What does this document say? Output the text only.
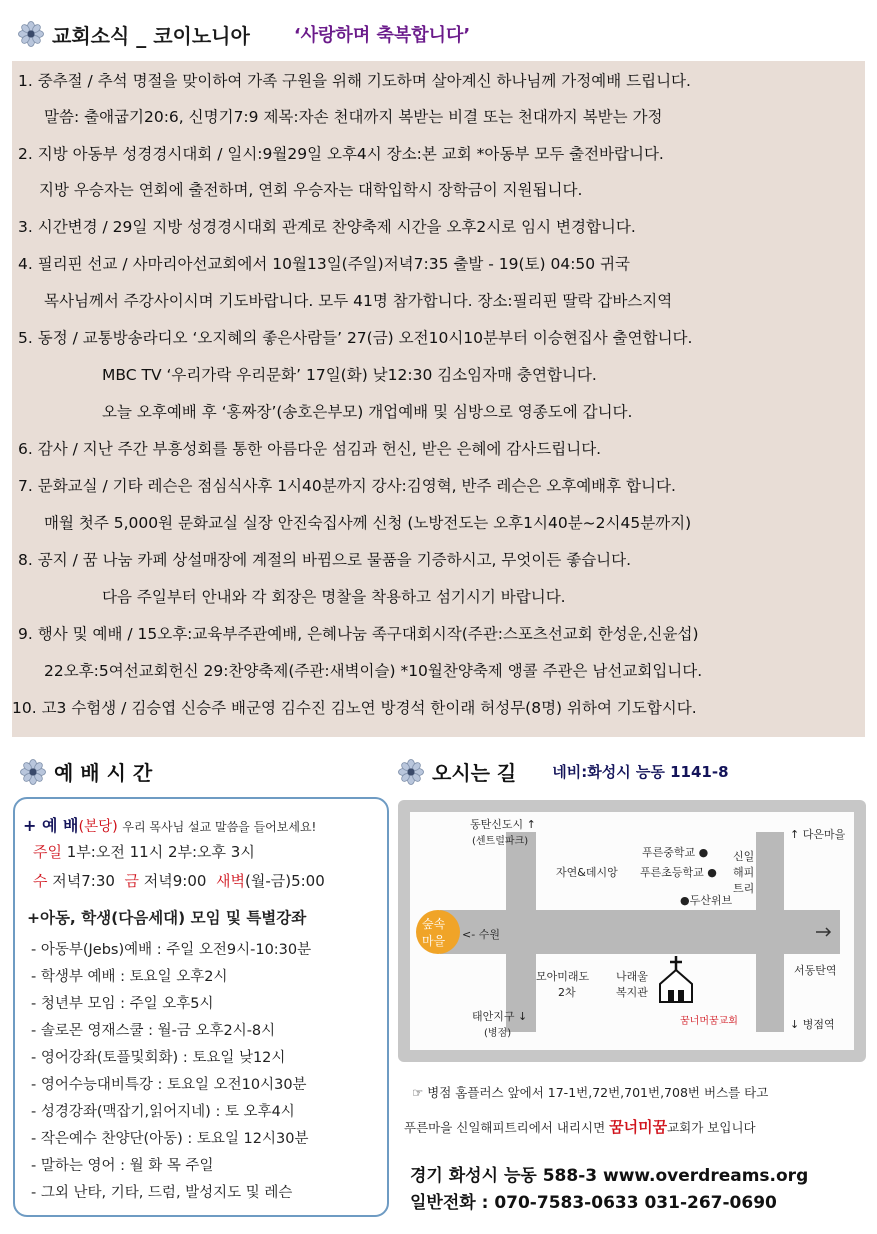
교회소식 _ 코이노니아 ‘사랑하며 축복합니다’
1. 중추절 / 추석 명절을 맞이하여 가족 구원을 위해 기도하며 살아계신 하나님께 가정예배 드립니다.
말씀: 출애굽기20:6, 신명기7:9 제목:자손 천대까지 복받는 비결 또는 천대까지 복받는 가정
2. 지방 아동부 성경경시대회 / 일시:9월29일 오후4시 장소:본 교회 *아동부 모두 출전바랍니다.
지방 우승자는 연회에 출전하며, 연회 우승자는 대학입학시 장학금이 지원됩니다.
3. 시간변경 / 29일 지방 성경경시대회 관계로 찬양축제 시간을 오후2시로 임시 변경합니다.
4. 필리핀 선교 / 사마리아선교회에서 10월13일(주일)저녁7:35 출발 - 19(토) 04:50 귀국
목사님께서 주강사이시며 기도바랍니다. 모두 41명 참가합니다. 장소:필리핀 딸락 갑바스지역
5. 동정 / 교통방송라디오 ‘오지혜의 좋은사람들’ 27(금) 오전10시10분부터 이승현집사 출연합니다.
MBC TV ‘우리가락 우리문화’ 17일(화) 낮12:30 김소임자매 충연합니다.
오늘 오후예배 후 ‘홍짜장’(송호은부모) 개업예배 및 심방으로 영종도에 갑니다.
6. 감사 / 지난 주간 부흥성회를 통한 아름다운 섬김과 헌신, 받은 은혜에 감사드립니다.
7. 문화교실 / 기타 레슨은 점심식사후 1시40분까지 강사:김영혁, 반주 레슨은 오후예배후 합니다.
매월 첫주 5,000원 문화교실 실장 안진숙집사께 신청 (노방전도는 오후1시40분~2시45분까지)
8. 공지 / 꿈 나눔 카페 상설매장에 계절의 바뀜으로 물품을 기증하시고, 무엇이든 좋습니다.
다음 주일부터 안내와 각 회장은 명찰을 착용하고 섬기시기 바랍니다.
9. 행사 및 예배 / 15오후:교육부주관예배, 은혜나눔 족구대회시작(주관:스포츠선교회 한성운,신윤섭)
22오후:5여선교회헌신 29:찬양축제(주관:새벽이슬) *10월찬양축제 앵콜 주관은 남선교회입니다.
10. 고3 수험생 / 김승엽 신승주 배군영 김수진 김노연 방경석 한이래 허성무(8명) 위하여 기도합시다.
예 배 시 간
+ 예 배(본당) 우리 목사님 설교 말씀을 들어보세요!
주일 1부:오전 11시 2부:오후 3시
수 저녁7:30 금 저녁9:00 새벽(월-금)5:00
+아동, 학생(다음세대) 모임 및 특별강좌
- 아동부(Jebs)예배 : 주일 오전9시-10:30분
- 학생부 예배 : 토요일 오후2시
- 청년부 모임 : 주일 오후5시
- 솔로몬 영재스쿨 : 월-금 오후2시-8시
- 영어강좌(토플및회화) : 토요일 낮12시
- 영어수능대비특강 : 토요일 오전10시30분
- 성경강좌(맥잡기,읽어지네) : 토 오후4시
- 작은예수 찬양단(아동) : 토요일 12시30분
- 말하는 영어 : 월 화 목 주일
- 그외 난타, 기타, 드럼, 발성지도 및 레슨
오시는 길 네비:화성시 능동 1141-8
숲속
마을
동탄신도시 ↑
(센트럴파크)
자연&데시앙
푸른중학교 ●
푸른초등학교 ●
●두산위브
신일
해피
트리
↑ 다은마을
<- 수원
모아미래도
2차
나래울
복지관
꿈너머꿈교회
서동탄역
태안지구 ↓
(병점)
↓ 병점역
☞ 병점 홈플러스 앞에서 17-1번,72번,701번,708번 버스를 타고
푸른마을 신일해피트리에서 내리시면 꿈너미꿈교회가 보입니다
경기 화성시 능동 588-3 www.overdreams.org
일반전화 : 070-7583-0633 031-267-0690
